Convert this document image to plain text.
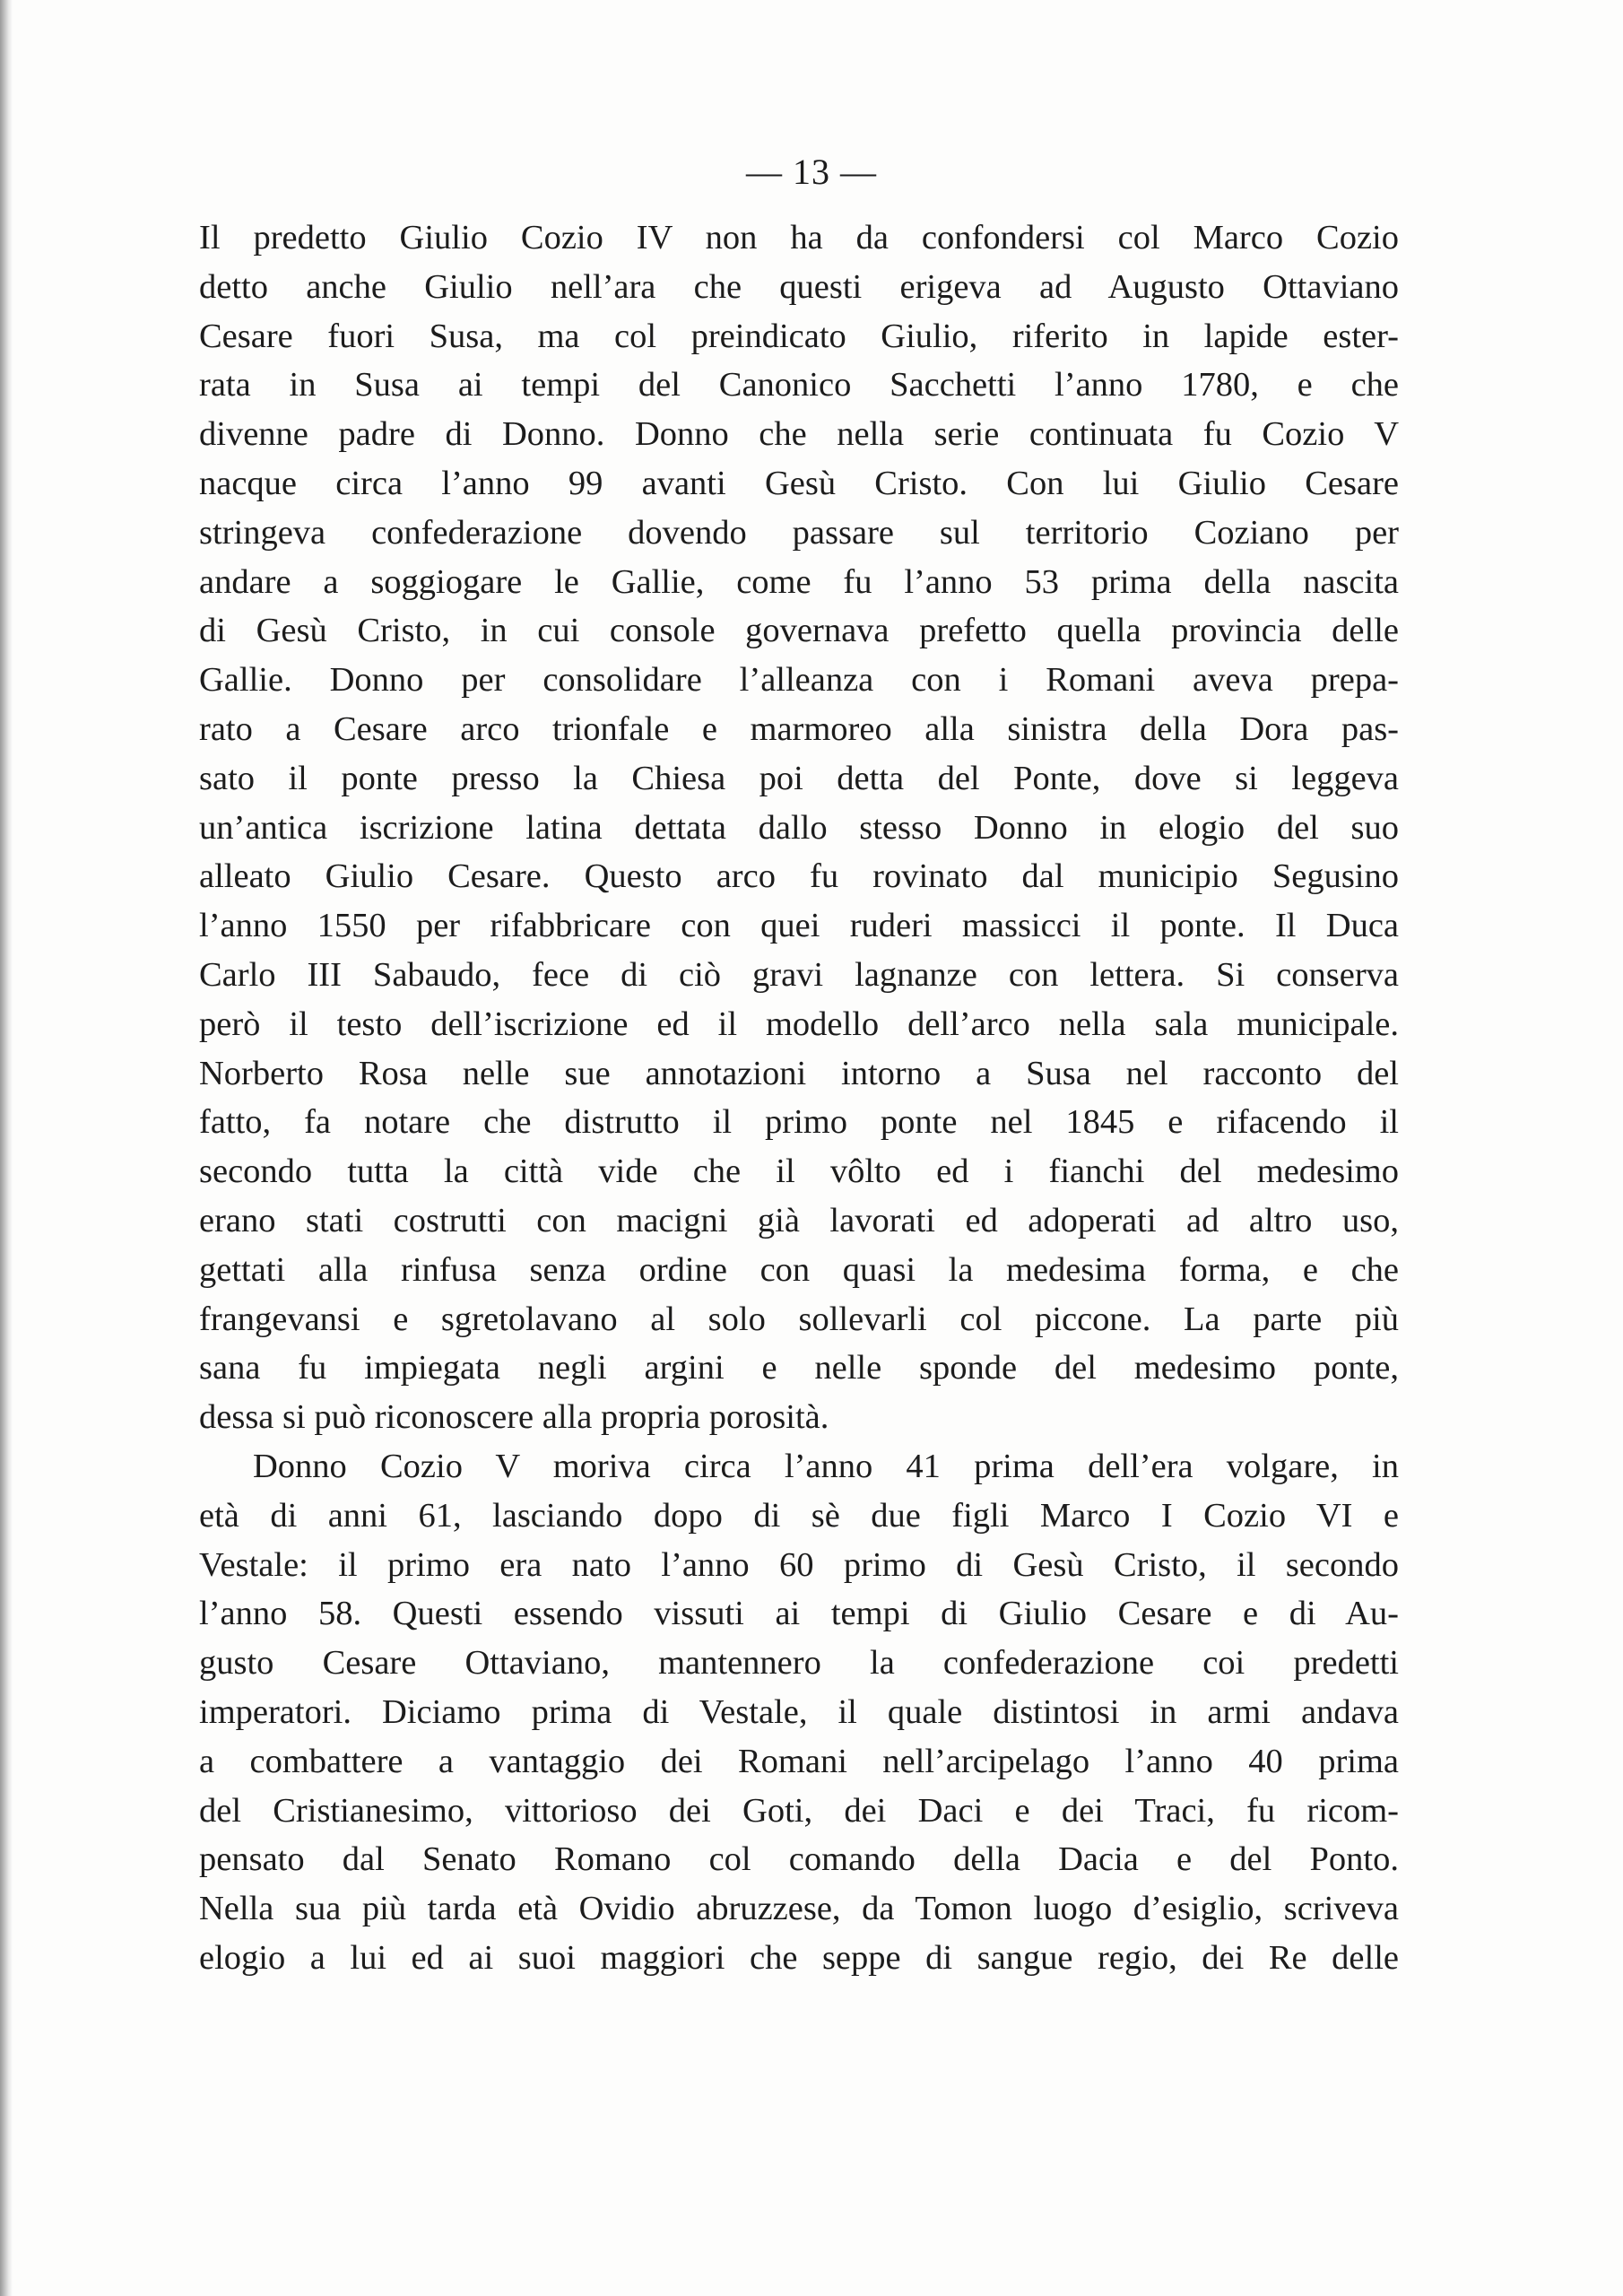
— 13 —
Il predetto Giulio Cozio IV non ha da confondersi col Marco Cozio
detto anche Giulio nell’ara che questi erigeva ad Augusto Ottaviano
Cesare fuori Susa, ma col preindicato Giulio, riferito in lapide ester-
rata in Susa ai tempi del Canonico Sacchetti l’anno 1780, e che
divenne padre di Donno. Donno che nella serie continuata fu Cozio V
nacque circa l’anno 99 avanti Gesù Cristo. Con lui Giulio Cesare
stringeva confederazione dovendo passare sul territorio Coziano per
andare a soggiogare le Gallie, come fu l’anno 53 prima della nascita
di Gesù Cristo, in cui console governava prefetto quella provincia delle
Gallie. Donno per consolidare l’alleanza con i Romani aveva prepa-
rato a Cesare arco trionfale e marmoreo alla sinistra della Dora pas-
sato il ponte presso la Chiesa poi detta del Ponte, dove si leggeva
un’antica iscrizione latina dettata dallo stesso Donno in elogio del suo
alleato Giulio Cesare. Questo arco fu rovinato dal municipio Segusino
l’anno 1550 per rifabbricare con quei ruderi massicci il ponte. Il Duca
Carlo III Sabaudo, fece di ciò gravi lagnanze con lettera. Si conserva
però il testo dell’iscrizione ed il modello dell’arco nella sala municipale.
Norberto Rosa nelle sue annotazioni intorno a Susa nel racconto del
fatto, fa notare che distrutto il primo ponte nel 1845 e rifacendo il
secondo tutta la città vide che il vôlto ed i fianchi del medesimo
erano stati costrutti con macigni già lavorati ed adoperati ad altro uso,
gettati alla rinfusa senza ordine con quasi la medesima forma, e che
frangevansi e sgretolavano al solo sollevarli col piccone. La parte più
sana fu impiegata negli argini e nelle sponde del medesimo ponte,
dessa si può riconoscere alla propria porosità.
Donno Cozio V moriva circa l’anno 41 prima dell’era volgare, in
età di anni 61, lasciando dopo di sè due figli Marco I Cozio VI e
Vestale: il primo era nato l’anno 60 primo di Gesù Cristo, il secondo
l’anno 58. Questi essendo vissuti ai tempi di Giulio Cesare e di Au-
gusto Cesare Ottaviano, mantennero la confederazione coi predetti
imperatori. Diciamo prima di Vestale, il quale distintosi in armi andava
a combattere a vantaggio dei Romani nell’arcipelago l’anno 40 prima
del Cristianesimo, vittorioso dei Goti, dei Daci e dei Traci, fu ricom-
pensato dal Senato Romano col comando della Dacia e del Ponto.
Nella sua più tarda età Ovidio abruzzese, da Tomon luogo d’esiglio, scriveva
elogio a lui ed ai suoi maggiori che seppe di sangue regio, dei Re delle
